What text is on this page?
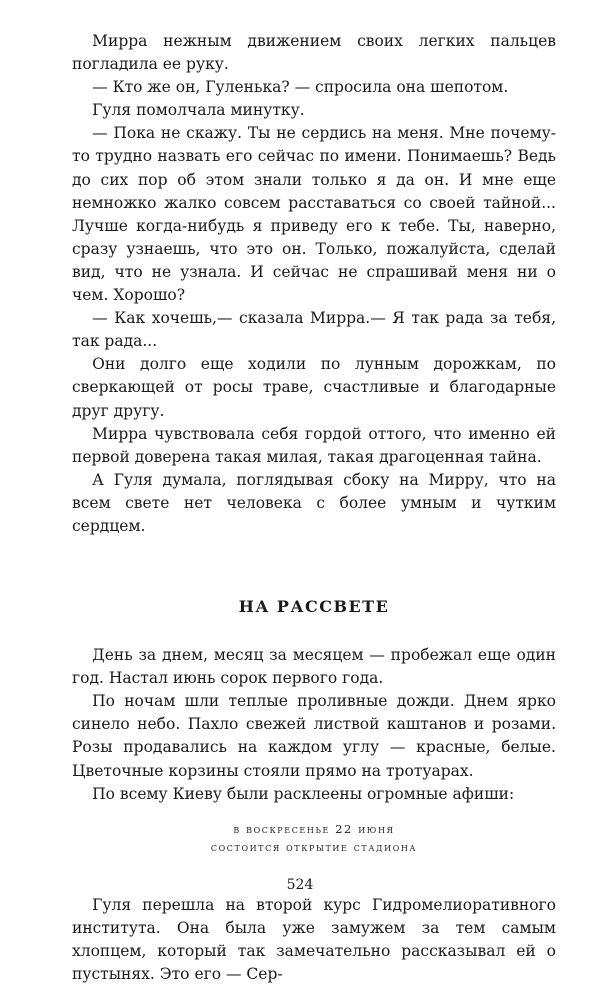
Мирра нежным движением своих легких пальцев погладила ее руку.

— Кто же он, Гуленька? — спросила она шепотом.

Гуля помолчала минутку.

— Пока не скажу. Ты не сердись на меня. Мне почему-то трудно назвать его сейчас по имени. Понимаешь? Ведь до сих пор об этом знали только я да он. И мне еще немножко жалко совсем расставаться со своей тайной... Лучше когда-нибудь я приведу его к тебе. Ты, наверно, сразу узнаешь, что это он. Только, пожалуйста, сделай вид, что не узнала. И сейчас не спрашивай меня ни о чем. Хорошо?

— Как хочешь,— сказала Мирра.— Я так рада за тебя, так рада...

Они долго еще ходили по лунным дорожкам, по сверкающей от росы траве, счастливые и благодарные друг другу.

Мирра чувствовала себя гордой оттого, что именно ей первой доверена такая милая, такая драгоценная тайна.

А Гуля думала, поглядывая сбоку на Мирру, что на всем свете нет человека с более умным и чутким сердцем.

НА РАССВЕТЕ

День за днем, месяц за месяцем — пробежал еще один год. Настал июнь сорок первого года.

По ночам шли теплые проливные дожди. Днем ярко синело небо. Пахло свежей листвой каштанов и розами. Розы продавались на каждом углу — красные, белые. Цветочные корзины стояли прямо на тротуарах.

По всему Киеву были расклеены огромные афиши:

в воскресенье 22 июня
состоится открытие стадиона

Гуля перешла на второй курс Гидромелиоративного института. Она была уже замужем за тем самым хлопцем, который так замечательно рассказывал ей о пустынях. Это его — Сер-

524
